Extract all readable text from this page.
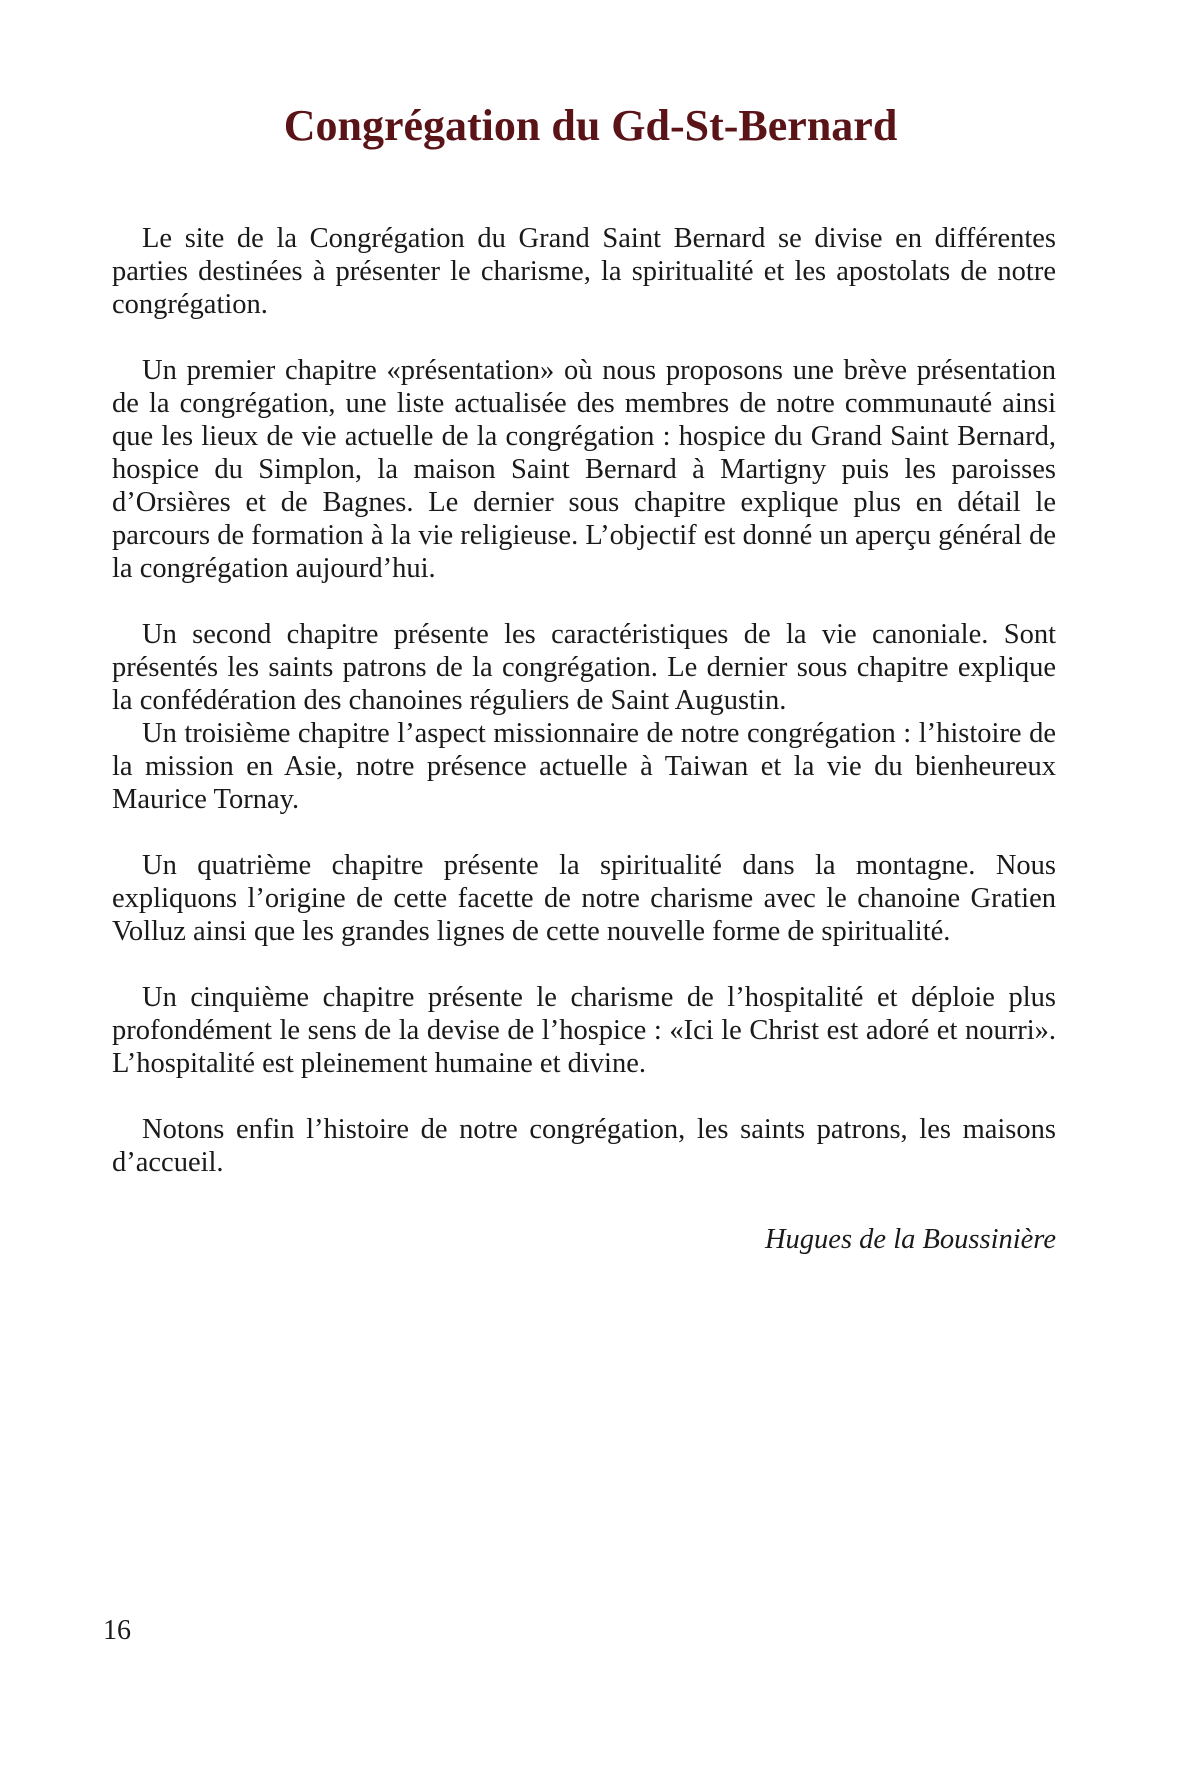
Congrégation du Gd-St-Bernard

Le site de la Congrégation du Grand Saint Bernard se divise en différentes parties destinées à présenter le charisme, la spiritualité et les apostolats de notre congrégation.

Un premier chapitre «présentation» où nous proposons une brève présentation de la congrégation, une liste actualisée des membres de notre communauté ainsi que les lieux de vie actuelle de la congrégation : hospice du Grand Saint Bernard, hospice du Simplon, la maison Saint Bernard à Martigny puis les paroisses d’Orsières et de Bagnes. Le dernier sous chapitre explique plus en détail le parcours de formation à la vie religieuse. L’objectif est donné un aperçu général de la congrégation aujourd’hui.

Un second chapitre présente les caractéristiques de la vie canoniale. Sont présentés les saints patrons de la congrégation. Le dernier sous chapitre explique la confédération des chanoines réguliers de Saint Augustin.

Un troisième chapitre l’aspect missionnaire de notre congrégation : l’histoire de la mission en Asie, notre présence actuelle à Taiwan et la vie du bienheureux Maurice Tornay.

Un quatrième chapitre présente la spiritualité dans la montagne. Nous expliquons l’origine de cette facette de notre charisme avec le chanoine Gratien Volluz ainsi que les grandes lignes de cette nouvelle forme de spiritualité.

Un cinquième chapitre présente le charisme de l’hospitalité et déploie plus profondément le sens de la devise de l’hospice : «Ici le Christ est adoré et nourri». L’hospitalité est pleinement humaine et divine.

Notons enfin l’histoire de notre congrégation, les saints patrons, les maisons d’accueil.

Hugues de la Boussinière
16
